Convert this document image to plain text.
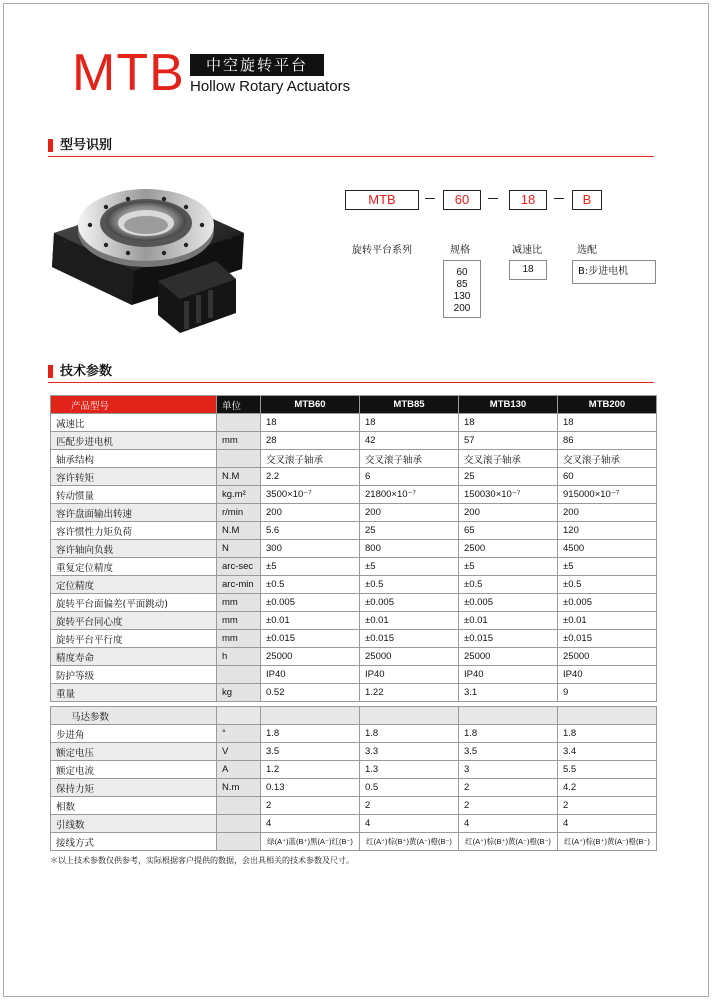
MTB	中空旋转平台
Hollow Rotary Actuators
型号识别
MTB	60	18	B
旋转平台系列	规格	减速比	选配
60
85
130
200
18	B:步进电机
技术参数
产品型号	单位	MTB60	MTB85	MTB130	MTB200
减速比		18	18	18	18
匹配步进电机	mm	28	42	57	86
轴承结构		交叉滚子轴承	交叉滚子轴承	交叉滚子轴承	交叉滚子轴承
容许转矩	N.M	2.2	6	25	60
转动惯量	kg.m²	3500×10⁻⁷	21800×10⁻⁷	150030×10⁻⁷	915000×10⁻⁷
容许盘面输出转速	r/min	200	200	200	200
容许惯性力矩负荷	N.M	5.6	25	65	120
容许轴向负载	N	300	800	2500	4500
重复定位精度	arc-sec	±5	±5	±5	±5
定位精度	arc-min	±0.5	±0.5	±0.5	±0.5
旋转平台面偏差(平面跳动)	mm	±0.005	±0.005	±0.005	±0.005
旋转平台同心度	mm	±0.01	±0.01	±0.01	±0.01
旋转平台平行度	mm	±0.015	±0.015	±0.015	±0.015
精度寿命	h	25000	25000	25000	25000
防护等级		IP40	IP40	IP40	IP40
重量	kg	0.52	1.22	3.1	9
马达参数					
步进角	°	1.8	1.8	1.8	1.8
额定电压	V	3.5	3.3	3.5	3.4
额定电流	A	1.2	1.3	3	5.5
保持力矩	N.m	0.13	0.5	2	4.2
相数		2	2	2	2
引线数		4	4	4	4
接线方式		绿(A⁺)蓝(B⁺)黑(A⁻)红(B⁻)	红(A⁺)棕(B⁺)黄(A⁻)橙(B⁻)	红(A⁺)棕(B⁺)黄(A⁻)橙(B⁻)	红(A⁺)棕(B⁺)黄(A⁻)橙(B⁻)
＊以上技术参数仅供参考，实际根据客户提供的数据，会出具相关的技术参数及尺寸。
